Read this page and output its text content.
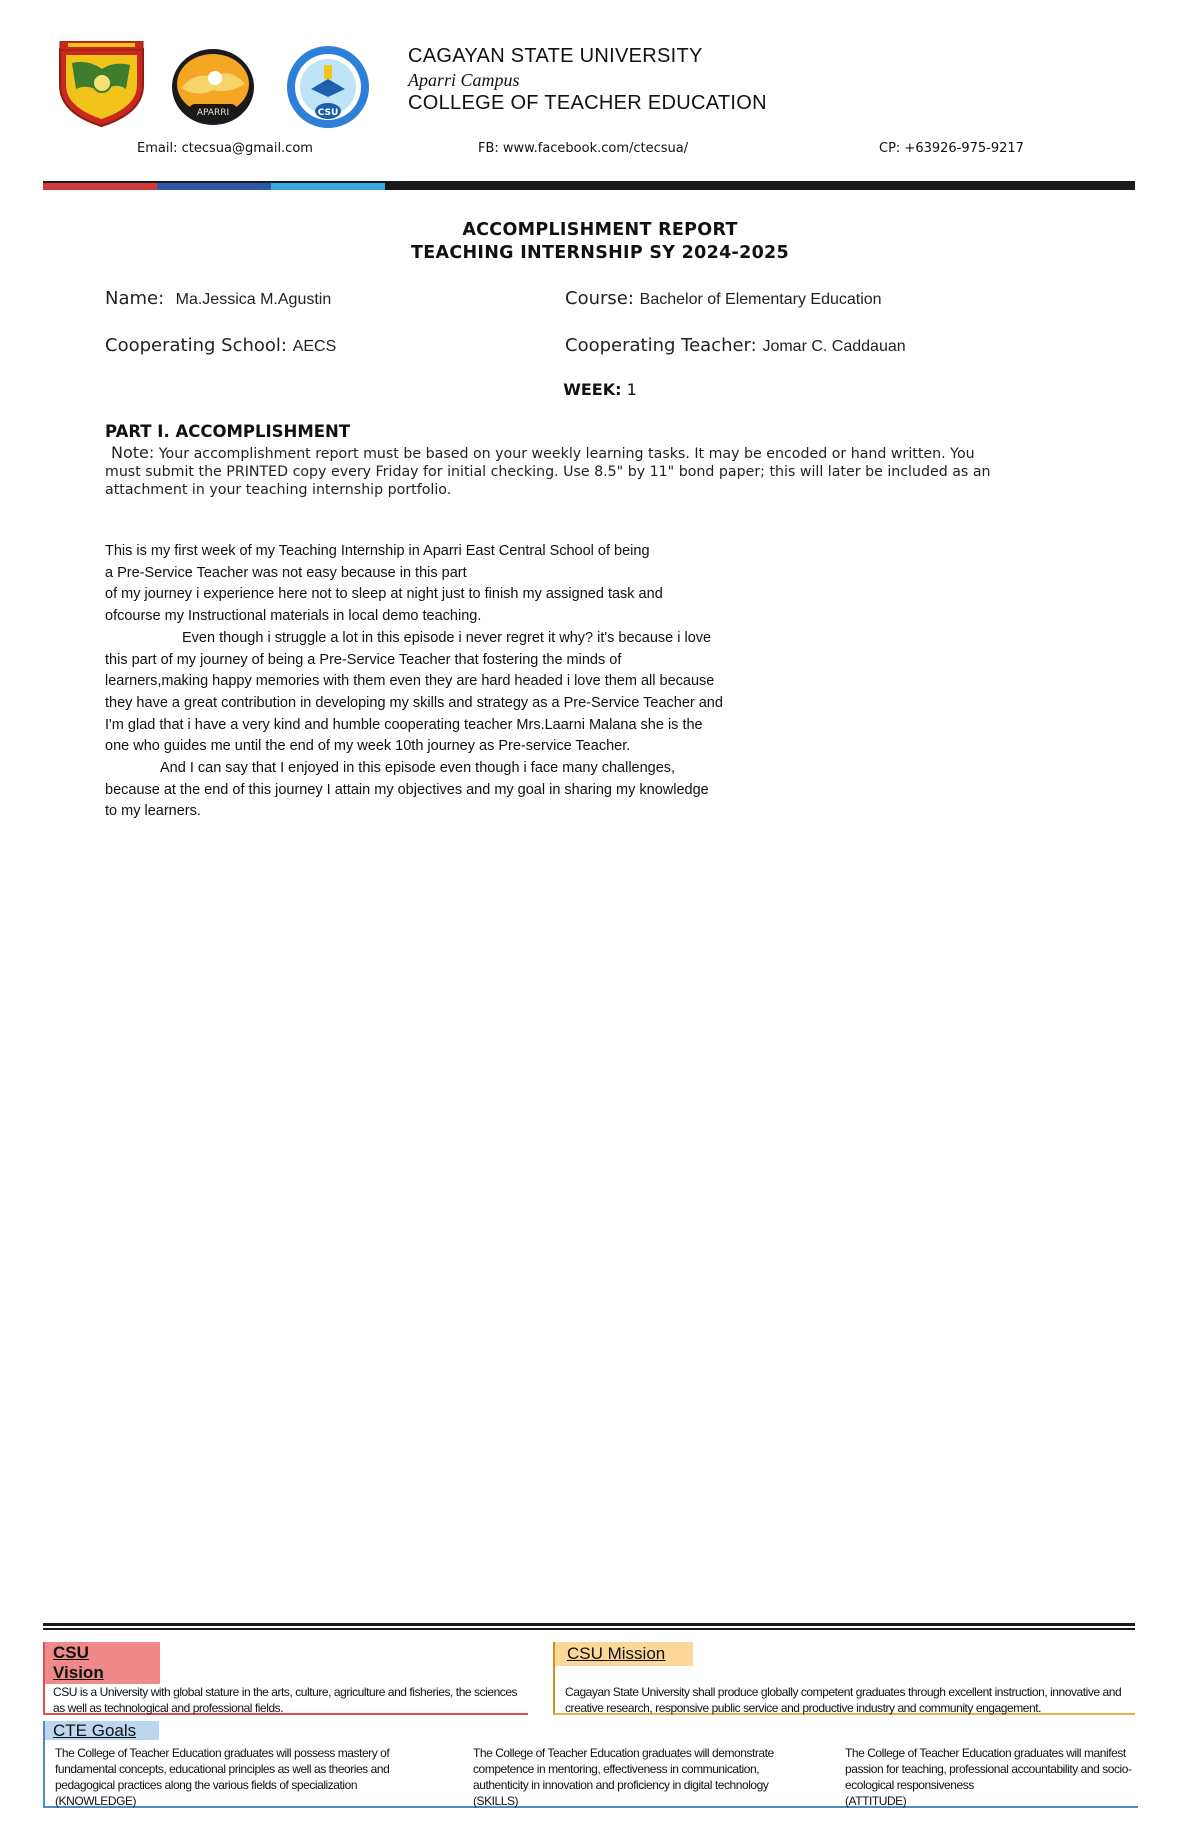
APARRI	CSU
CAGAYAN STATE UNIVERSITY
Aparri Campus
COLLEGE OF TEACHER EDUCATION
Email: ctecsua@gmail.com	FB: www.facebook.com/ctecsua/	CP: +63926-975-9217
ACCOMPLISHMENT REPORT
TEACHING INTERNSHIP SY 2024-2025
Name: Ma.Jessica M.Agustin	Course: Bachelor of Elementary Education
Cooperating School: AECS	Cooperating Teacher: Jomar C. Caddauan
WEEK: 1
PART I. ACCOMPLISHMENT
Note: Your accomplishment report must be based on your weekly learning tasks. It may be encoded or hand written. You
must submit the PRINTED copy every Friday for initial checking. Use 8.5" by 11" bond paper; this will later be included as an
attachment in your teaching internship portfolio.
This is my first week of my Teaching Internship in Aparri East Central School of being
a Pre-Service Teacher was not easy because in this part
of my journey i experience here not to sleep at night just to finish my assigned task and
ofcourse my Instructional materials in local demo teaching.
Even though i struggle a lot in this episode i never regret it why? it's because i love
this part of my journey of being a Pre-Service Teacher that fostering the minds of
learners,making happy memories with them even they are hard headed i love them all because
they have a great contribution in developing my skills and strategy as a Pre-Service Teacher and
I'm glad that i have a very kind and humble cooperating teacher Mrs.Laarni Malana she is the
one who guides me until the end of my week 10th journey as Pre-service Teacher.
And I can say that I enjoyed in this episode even though i face many challenges,
because at the end of this journey I attain my objectives and my goal in sharing my knowledge
to my learners.
CSU
Vision
CSU is a University with global stature in the arts, culture, agriculture and fisheries, the sciences as well as technological and professional fields.
CSU Mission
Cagayan State University shall produce globally competent graduates through excellent instruction, innovative and creative research, responsive public service and productive industry and community engagement.
CTE Goals
The College of Teacher Education graduates will possess mastery of fundamental concepts, educational principles as well as theories and pedagogical practices along the various fields of specialization
(KNOWLEDGE)
The College of Teacher Education graduates will demonstrate competence in mentoring, effectiveness in communication, authenticity in innovation and proficiency in digital technology
(SKILLS)
The College of Teacher Education graduates will manifest passion for teaching, professional accountability and socio-ecological responsiveness
(ATTITUDE)
